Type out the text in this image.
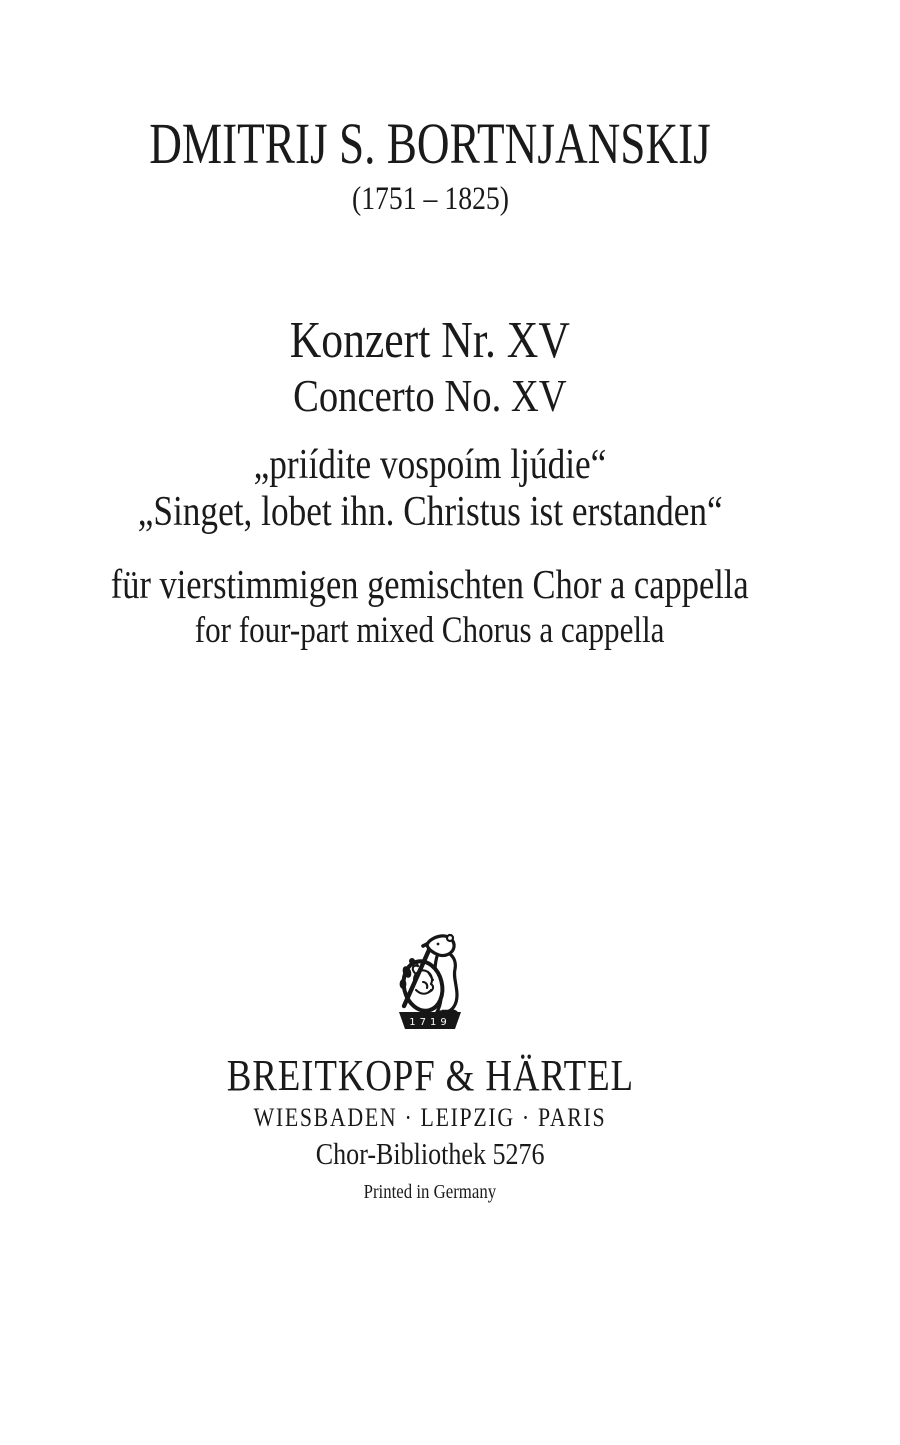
DMITRIJ S. BORTNJANSKIJ
(1751 – 1825)
Konzert Nr. XV
Concerto No. XV
„priídite vospoím ljúdie“
„Singet, lobet ihn. Christus ist erstanden“
für vierstimmigen gemischten Chor a cappella
for four-part mixed Chorus a cappella
1719
BREITKOPF & HÄRTEL
WIESBADEN · LEIPZIG · PARIS
Chor-Bibliothek 5276
Printed in Germany
